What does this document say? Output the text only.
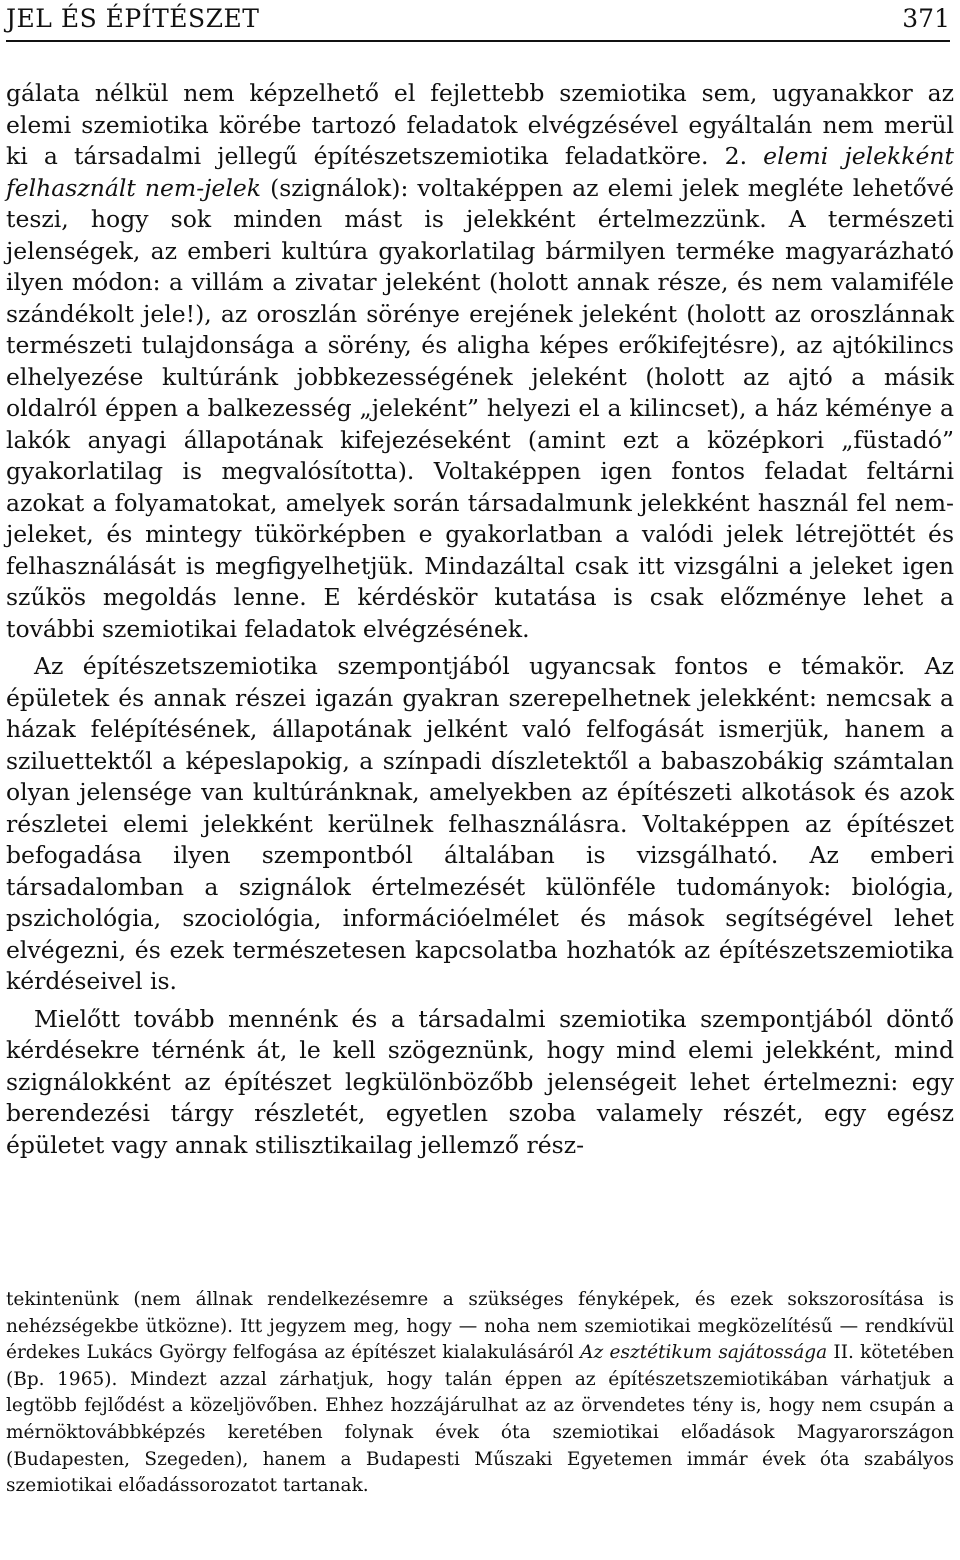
JEL ÉS ÉPÍTÉSZET	371

gálata nélkül nem képzelhető el fejlettebb szemiotika sem, ugyanakkor az elemi szemiotika körébe tartozó feladatok elvégzésével egyáltalán nem merül ki a társadalmi jellegű építészetszemiotika feladatköre. 2. elemi jelekként felhasznált nem-jelek (szignálok): voltaképpen az elemi jelek megléte lehetővé teszi, hogy sok minden mást is jelekként értelmezzünk. A természeti jelenségek, az emberi kultúra gyakorlatilag bármilyen terméke magyarázható ilyen módon: a villám a zivatar jeleként (holott annak része, és nem valamiféle szándékolt jele!), az oroszlán sörénye erejének jeleként (holott az oroszlánnak természeti tulajdonsága a sörény, és aligha képes erőkifejtésre), az ajtókilincs elhelyezése kultúránk jobbkezességének jeleként (holott az ajtó a másik oldalról éppen a balkezesség „jeleként” helyezi el a kilincset), a ház kéménye a lakók anyagi állapotának kifejezéseként (amint ezt a középkori „füstadó” gyakorlatilag is megvalósította). Voltaképpen igen fontos feladat feltárni azokat a folyamatokat, amelyek során társadalmunk jelekként használ fel nem-jeleket, és mintegy tükörképben e gyakorlatban a valódi jelek létrejöttét és felhasználását is megfigyelhetjük. Mindazáltal csak itt vizsgálni a jeleket igen szűkös megoldás lenne. E kérdéskör kutatása is csak előzménye lehet a további szemiotikai feladatok elvégzésének.

Az építészetszemiotika szempontjából ugyancsak fontos e témakör. Az épületek és annak részei igazán gyakran szerepelhetnek jelekként: nemcsak a házak felépítésének, állapotának jelként való felfogását ismerjük, hanem a sziluettektől a képeslapokig, a színpadi díszletektől a babaszobákig számtalan olyan jelensége van kultúránknak, amelyekben az építészeti alkotások és azok részletei elemi jelekként kerülnek felhasználásra. Voltaképpen az építészet befogadása ilyen szempontból általában is vizsgálható. Az emberi társadalomban a szignálok értelmezését különféle tudományok: biológia, pszichológia, szociológia, információelmélet és mások segítségével lehet elvégezni, és ezek természetesen kapcsolatba hozhatók az építészetszemiotika kérdéseivel is.

Mielőtt tovább mennénk és a társadalmi szemiotika szempontjából döntő kérdésekre térnénk át, le kell szögeznünk, hogy mind elemi jelekként, mind szignálokként az építészet legkülönbözőbb jelenségeit lehet értelmezni: egy berendezési tárgy részletét, egyetlen szoba valamely részét, egy egész épületet vagy annak stilisztikailag jellemző rész-

tekintenünk (nem állnak rendelkezésemre a szükséges fényképek, és ezek sokszorosítása is nehézségekbe ütközne). Itt jegyzem meg, hogy — noha nem szemiotikai megközelítésű — rendkívül érdekes Lukács György felfogása az építészet kialakulásáról Az esztétikum sajátossága II. kötetében (Bp. 1965). Mindezt azzal zárhatjuk, hogy talán éppen az építészetszemiotikában várhatjuk a legtöbb fejlődést a közeljövőben. Ehhez hozzájárulhat az az örvendetes tény is, hogy nem csupán a mérnöktovábbképzés keretében folynak évek óta szemiotikai előadások Magyarországon (Budapesten, Szegeden), hanem a Budapesti Műszaki Egyetemen immár évek óta szabályos szemiotikai előadássorozatot tartanak.
